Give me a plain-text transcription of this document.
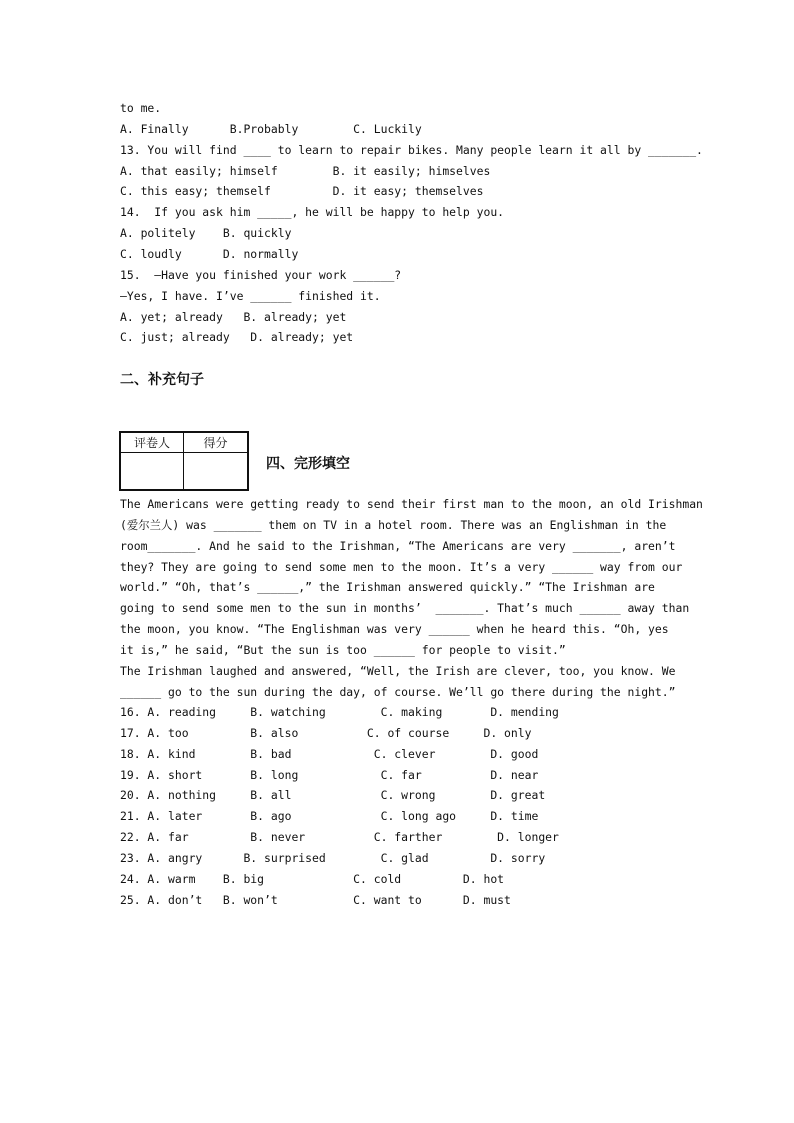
to me.
A. Finally      B.Probably        C. Luckily
13. You will find ____ to learn to repair bikes. Many people learn it all by _______.
A. that easily; himself        B. it easily; himselves
C. this easy; themself         D. it easy; themselves
14.  If you ask him _____, he will be happy to help you.
A. politely    B. quickly
C. loudly      D. normally
15.  —Have you finished your work ______?
—Yes, I have. I’ve ______ finished it.
A. yet; already   B. already; yet
C. just; already   D. already; yet
二、补充句子
评卷人	得分
四、完形填空
The Americans were getting ready to send their first man to the moon, an old Irishman
(爱尔兰人) was _______ them on TV in a hotel room. There was an Englishman in the
room_______. And he said to the Irishman, “The Americans are very _______, aren’t
they? They are going to send some men to the moon. It’s a very ______ way from our
world.” “Oh, that’s ______,” the Irishman answered quickly.” “The Irishman are
going to send some men to the sun in months’  _______. That’s much ______ away than
the moon, you know. “The Englishman was very ______ when he heard this. “Oh, yes
it is,” he said, “But the sun is too ______ for people to visit.”
The Irishman laughed and answered, “Well, the Irish are clever, too, you know. We
______ go to the sun during the day, of course. We’ll go there during the night.”
16. A. reading     B. watching        C. making       D. mending
17. A. too         B. also          C. of course     D. only
18. A. kind        B. bad            C. clever        D. good
19. A. short       B. long            C. far          D. near
20. A. nothing     B. all             C. wrong        D. great
21. A. later       B. ago             C. long ago     D. time
22. A. far         B. never          C. farther        D. longer
23. A. angry      B. surprised        C. glad         D. sorry
24. A. warm    B. big             C. cold         D. hot
25. A. don’t   B. won’t           C. want to      D. must
